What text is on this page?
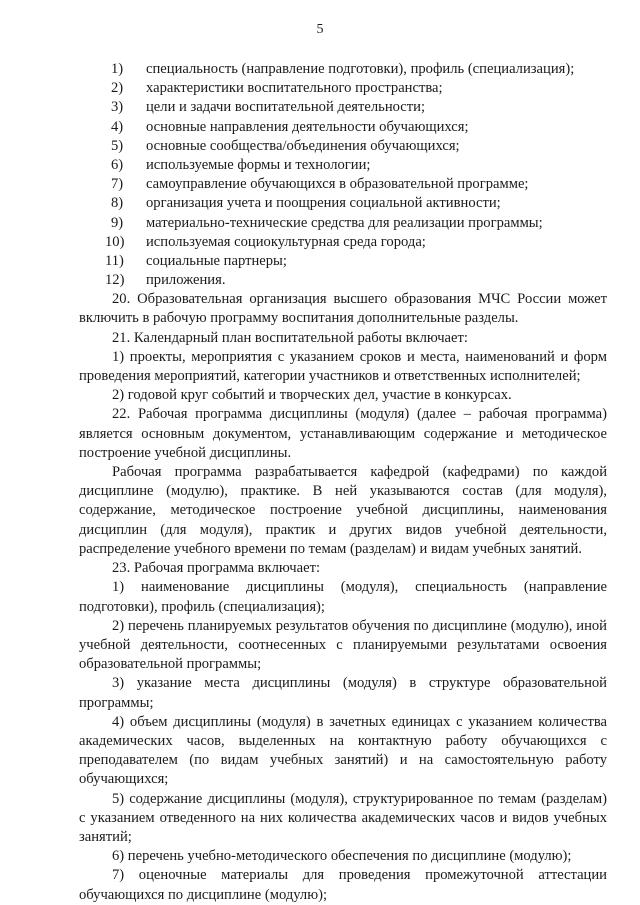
5
1) специальность (направление подготовки), профиль (специализация);
2) характеристики воспитательного пространства;
3) цели и задачи воспитательной деятельности;
4) основные направления деятельности обучающихся;
5) основные сообщества/объединения обучающихся;
6) используемые формы и технологии;
7) самоуправление обучающихся в образовательной программе;
8) организация учета и поощрения социальной активности;
9) материально-технические средства для реализации программы;
10) используемая социокультурная среда города;
11) социальные партнеры;
12) приложения.

20. Образовательная организация высшего образования МЧС России может включить в рабочую программу воспитания дополнительные разделы.

21. Календарный план воспитательной работы включает:

1) проекты, мероприятия с указанием сроков и места, наименований и форм проведения мероприятий, категории участников и ответственных исполнителей;

2) годовой круг событий и творческих дел, участие в конкурсах.

22. Рабочая программа дисциплины (модуля) (далее – рабочая программа) является основным документом, устанавливающим содержание и методическое построение учебной дисциплины.

Рабочая программа разрабатывается кафедрой (кафедрами) по каждой дисциплине (модулю), практике. В ней указываются состав (для модуля), содержание, методическое построение учебной дисциплины, наименования дисциплин (для модуля), практик и других видов учебной деятельности, распределение учебного времени по темам (разделам) и видам учебных занятий.

23. Рабочая программа включает:

1) наименование дисциплины (модуля), специальность (направление подготовки), профиль (специализация);

2) перечень планируемых результатов обучения по дисциплине (модулю), иной учебной деятельности, соотнесенных с планируемыми результатами освоения образовательной программы;

3) указание места дисциплины (модуля) в структуре образовательной программы;

4) объем дисциплины (модуля) в зачетных единицах с указанием количества академических часов, выделенных на контактную работу обучающихся с преподавателем (по видам учебных занятий) и на самостоятельную работу обучающихся;

5) содержание дисциплины (модуля), структурированное по темам (разделам) с указанием отведенного на них количества академических часов и видов учебных занятий;

6) перечень учебно-методического обеспечения по дисциплине (модулю);

7) оценочные материалы для проведения промежуточной аттестации обучающихся по дисциплине (модулю);
